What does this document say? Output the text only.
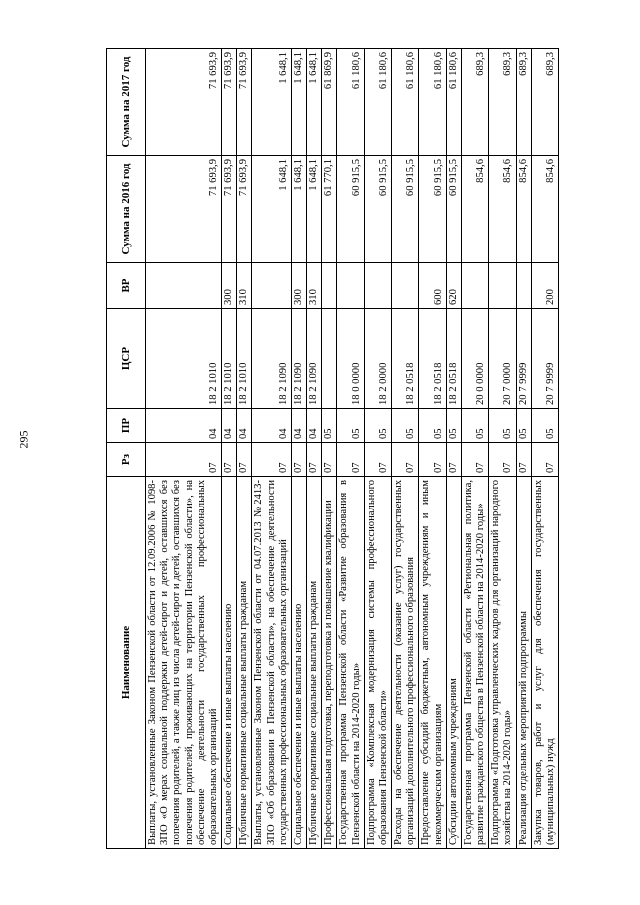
295
Наименование	Рз	ПР	ЦСР	ВР	Сумма на 2016 год	Сумма на 2017 год
Выплаты, установленные Законом Пензенской области от 12.09.2006 № 1098-ЗПО «О мерах социальной поддержки детей-сирот и детей, оставшихся без попечения родителей, а также лиц из числа детей-сирот и детей, оставшихся без попечения родителей, проживающих на территории Пензенской области», на обеспечение деятельности государственных профессиональных образовательных организаций	07	04	18 2 1010		71 693,9	71 693,9
Социальное обеспечение и иные выплаты населению	07	04	18 2 1010	300	71 693,9	71 693,9
Публичные нормативные социальные выплаты гражданам	07	04	18 2 1010	310	71 693,9	71 693,9
Выплаты, установленные Законом Пензенской области от 04.07.2013 №2413-ЗПО «Об образовании в Пензенской области», на обеспечение деятельности государственных профессиональных образовательных организаций	07	04	18 2 1090		1 648,1	1 648,1
Социальное обеспечение и иные выплаты населению	07	04	18 2 1090	300	1 648,1	1 648,1
Публичные нормативные социальные выплаты гражданам	07	04	18 2 1090	310	1 648,1	1 648,1
Профессиональная подготовка, переподготовка и повышение квалификации	07	05			61 770,1	61 869,9
Государственная программа Пензенской области «Развитие образования в Пензенской области на 2014-2020 годы»	07	05	18 0 0000		60 915,5	61 180,6
Подпрограмма «Комплексная модернизация системы профессионального образования Пензенской области»	07	05	18 2 0000		60 915,5	61 180,6
Расходы на обеспечение деятельности (оказание услуг) государственных организаций дополнительного профессионального образования	07	05	18 2 0518		60 915,5	61 180,6
Предоставление субсидий бюджетным, автономным учреждениям и иным некоммерческим организациям	07	05	18 2 0518	600	60 915,5	61 180,6
Субсидии автономным учреждениям	07	05	18 2 0518	620	60 915,5	61 180,6
Государственная программа Пензенской области «Региональная политика, развитие гражданского общества в Пензенской области на 2014-2020 годы»	07	05	20 0 0000		854,6	689,3
Подпрограмма «Подготовка управленческих кадров для организаций народного хозяйства на 2014-2020 годы»	07	05	20 7 0000		854,6	689,3
Реализация отдельных мероприятий подпрограммы	07	05	20 7 9999		854,6	689,3
Закупка товаров, работ и услуг для обеспечения государственных (муниципальных) нужд	07	05	20 7 9999	200	854,6	689,3
